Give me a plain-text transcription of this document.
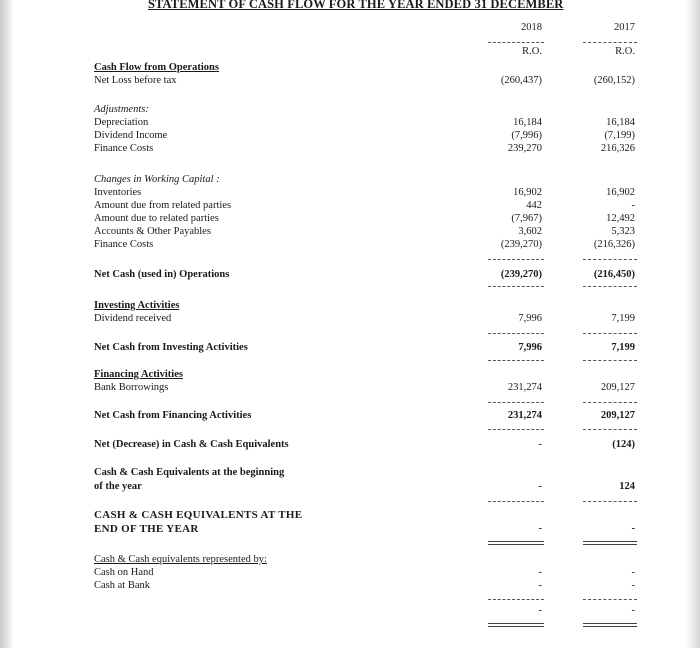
STATEMENT OF CASH FLOW FOR THE YEAR ENDED 31 DECEMBER
2018	2017
R.O.	R.O.
Cash Flow from Operations
Net Loss before tax	(260,437)	(260,152)
Adjustments:
Depreciation	16,184	16,184
Dividend Income	(7,996)	(7,199)
Finance Costs	239,270	216,326
Changes in Working Capital :
Inventories	16,902	16,902
Amount due from related parties	442	-
Amount due to related parties	(7,967)	12,492
Accounts & Other Payables	3,602	5,323
Finance Costs	(239,270)	(216,326)
Net Cash (used in) Operations	(239,270)	(216,450)
Investing Activities
Dividend received	7,996	7,199
Net Cash from Investing Activities	7,996	7,199
Financing Activities
Bank Borrowings	231,274	209,127
Net Cash from Financing Activities	231,274	209,127
Net (Decrease) in Cash & Cash Equivalents	-	(124)
Cash & Cash Equivalents at the beginning
of the year	-	124
CASH & CASH EQUIVALENTS AT THE
END OF THE YEAR	-	-
Cash & Cash equivalents represented by:
Cash on Hand	-	-
Cash at Bank	-	-
-	-
